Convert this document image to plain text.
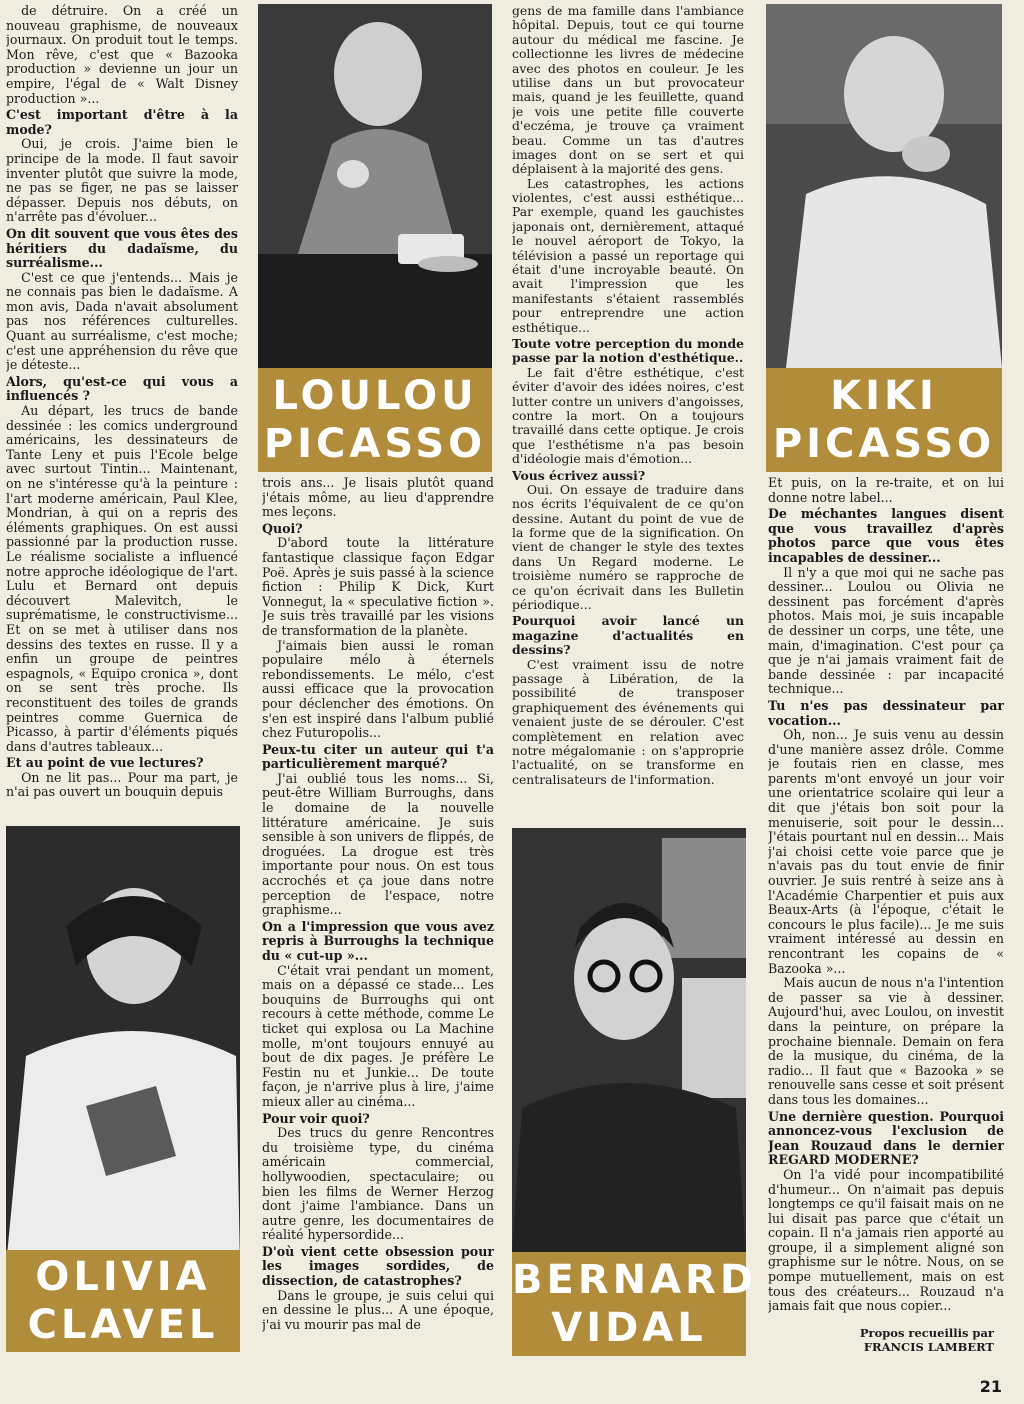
de détruire. On a créé un nouveau graphisme, de nouveaux journaux. On produit tout le temps. Mon rêve, c'est que « Bazooka production » devienne un jour un empire, l'égal de « Walt Disney production »...

C'est important d'être à la mode?

Oui, je crois. J'aime bien le principe de la mode. Il faut savoir inventer plutôt que suivre la mode, ne pas se figer, ne pas se laisser dépasser. Depuis nos débuts, on n'arrête pas d'évoluer...

On dit souvent que vous êtes des héritiers du dadaïsme, du surréalisme...

C'est ce que j'entends... Mais je ne connais pas bien le dadaïsme. A mon avis, Dada n'avait absolument pas nos références culturelles. Quant au surréalisme, c'est moche; c'est une appréhension du rêve que je déteste...

Alors, qu'est-ce qui vous a influencés ?

Au départ, les trucs de bande dessinée : les comics underground américains, les dessinateurs de Tante Leny et puis l'Ecole belge avec surtout Tintin... Maintenant, on ne s'intéresse qu'à la peinture : l'art moderne américain, Paul Klee, Mondrian, à qui on a repris des éléments graphiques. On est aussi passionné par la production russe. Le réalisme socialiste a influencé notre approche idéologique de l'art. Lulu et Bernard ont depuis découvert Malevitch, le suprématisme, le constructivisme... Et on se met à utiliser dans nos dessins des textes en russe. Il y a enfin un groupe de peintres espagnols, « Equipo cronica », dont on se sent très proche. Ils reconstituent des toiles de grands peintres comme Guernica de Picasso, à partir d'éléments piqués dans d'autres tableaux...

Et au point de vue lectures?

On ne lit pas... Pour ma part, je n'ai pas ouvert un bouquin depuis

LOULOU
PICASSO

trois ans... Je lisais plutôt quand j'étais môme, au lieu d'apprendre mes leçons.

Quoi?

D'abord toute la littérature fantastique classique façon Edgar Poë. Après je suis passé à la science fiction : Philip K Dick, Kurt Vonnegut, la « speculative fiction ». Je suis très travaillé par les visions de transformation de la planète.

J'aimais bien aussi le roman populaire mélo à éternels rebondissements. Le mélo, c'est aussi efficace que la provocation pour déclencher des émotions. On s'en est inspiré dans l'album publié chez Futuropolis...

Peux-tu citer un auteur qui t'a particulièrement marqué?

J'ai oublié tous les noms... Si, peut-être William Burroughs, dans le domaine de la nouvelle littérature américaine. Je suis sensible à son univers de flippés, de droguées. La drogue est très importante pour nous. On est tous accrochés et ça joue dans notre perception de l'espace, notre graphisme...

On a l'impression que vous avez repris à Burroughs la technique du « cut-up »...

C'était vrai pendant un moment, mais on a dépassé ce stade... Les bouquins de Burroughs qui ont recours à cette méthode, comme Le ticket qui explosa ou La Machine molle, m'ont toujours ennuyé au bout de dix pages. Je préfère Le Festin nu et Junkie... De toute façon, je n'arrive plus à lire, j'aime mieux aller au cinéma...

Pour voir quoi?

Des trucs du genre Rencontres du troisième type, du cinéma américain commercial, hollywoodien, spectaculaire; ou bien les films de Werner Herzog dont j'aime l'ambiance. Dans un autre genre, les documentaires de réalité hypersordide...

D'où vient cette obsession pour les images sordides, de dissection, de catastrophes?

Dans le groupe, je suis celui qui en dessine le plus... A une époque, j'ai vu mourir pas mal de

gens de ma famille dans l'ambiance hôpital. Depuis, tout ce qui tourne autour du médical me fascine. Je collectionne les livres de médecine avec des photos en couleur. Je les utilise dans un but provocateur mais, quand je les feuillette, quand je vois une petite fille couverte d'eczéma, je trouve ça vraiment beau. Comme un tas d'autres images dont on se sert et qui déplaisent à la majorité des gens.

Les catastrophes, les actions violentes, c'est aussi esthétique... Par exemple, quand les gauchistes japonais ont, dernièrement, attaqué le nouvel aéroport de Tokyo, la télévision a passé un reportage qui était d'une incroyable beauté. On avait l'impression que les manifestants s'étaient rassemblés pour entreprendre une action esthétique...

Toute votre perception du monde passe par la notion d'esthétique..

Le fait d'être esthétique, c'est éviter d'avoir des idées noires, c'est lutter contre un univers d'angoisses, contre la mort. On a toujours travaillé dans cette optique. Je crois que l'esthétisme n'a pas besoin d'idéologie mais d'émotion...

Vous écrivez aussi?

Oui. On essaye de traduire dans nos écrits l'équivalent de ce qu'on dessine. Autant du point de vue de la forme que de la signification. On vient de changer le style des textes dans Un Regard moderne. Le troisième numéro se rapproche de ce qu'on écrivait dans les Bulletin périodique...

Pourquoi avoir lancé un magazine d'actualités en dessins?

C'est vraiment issu de notre passage à Libération, de la possibilité de transposer graphiquement des événements qui venaient juste de se dérouler. C'est complètement en relation avec notre mégalomanie : on s'approprie l'actualité, on se transforme en centralisateurs de l'information.

KIKI
PICASSO

Et puis, on la re-traite, et on lui donne notre label...

De méchantes langues disent que vous travaillez d'après photos parce que vous êtes incapables de dessiner...

Il n'y a que moi qui ne sache pas dessiner... Loulou ou Olivia ne dessinent pas forcément d'après photos. Mais moi, je suis incapable de dessiner un corps, une tête, une main, d'imagination. C'est pour ça que je n'ai jamais vraiment fait de bande dessinée : par incapacité technique...

Tu n'es pas dessinateur par vocation...

Oh, non... Je suis venu au dessin d'une manière assez drôle. Comme je foutais rien en classe, mes parents m'ont envoyé un jour voir une orientatrice scolaire qui leur a dit que j'étais bon soit pour la menuiserie, soit pour le dessin... J'étais pourtant nul en dessin... Mais j'ai choisi cette voie parce que je n'avais pas du tout envie de finir ouvrier. Je suis rentré à seize ans à l'Académie Charpentier et puis aux Beaux-Arts (à l'époque, c'était le concours le plus facile)... Je me suis vraiment intéressé au dessin en rencontrant les copains de « Bazooka »...

Mais aucun de nous n'a l'intention de passer sa vie à dessiner. Aujourd'hui, avec Loulou, on investit dans la peinture, on prépare la prochaine biennale. Demain on fera de la musique, du cinéma, de la radio... Il faut que « Bazooka » se renouvelle sans cesse et soit présent dans tous les domaines...

Une dernière question. Pourquoi annoncez-vous l'exclusion de Jean Rouzaud dans le dernier REGARD MODERNE?

On l'a vidé pour incompatibilité d'humeur... On n'aimait pas depuis longtemps ce qu'il faisait mais on ne lui disait pas parce que c'était un copain. Il n'a jamais rien apporté au groupe, il a simplement aligné son graphisme sur le nôtre. Nous, on se pompe mutuellement, mais on est tous des créateurs... Rouzaud n'a jamais fait que nous copier...

OLIVIA
CLAVEL
BERNARD
VIDAL	Propos recueillis par
FRANCIS LAMBERT
21
